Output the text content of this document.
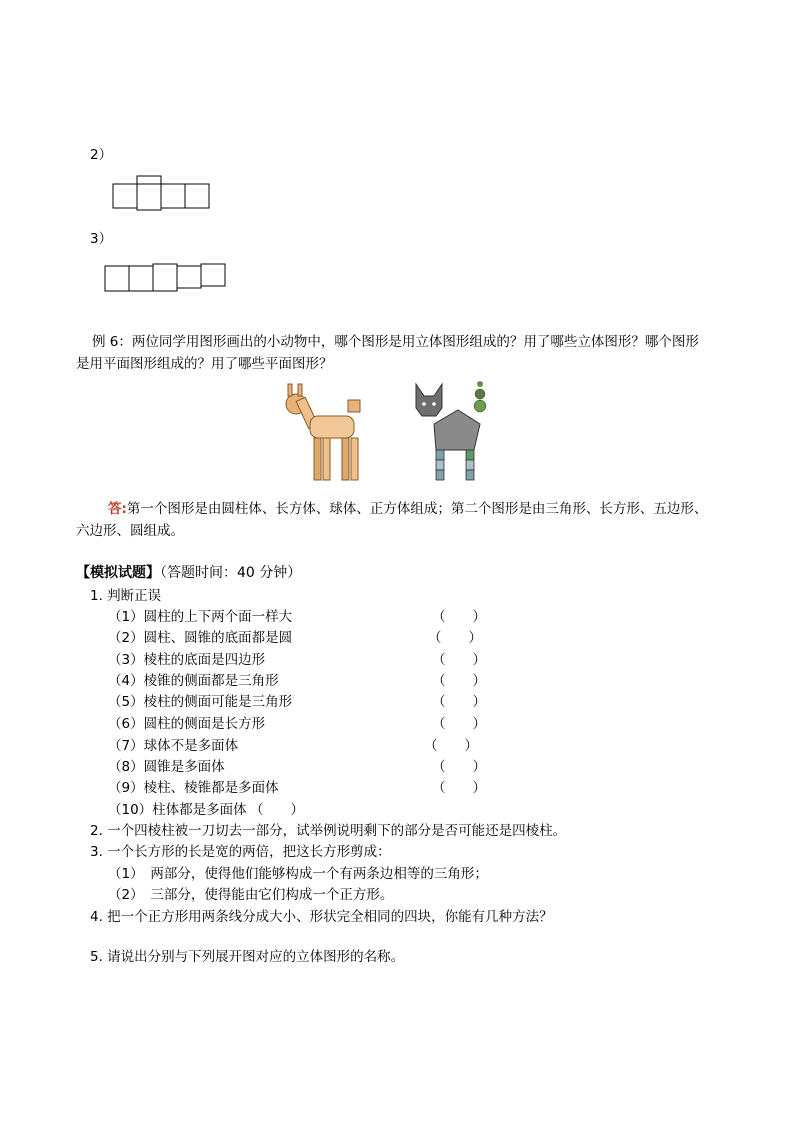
2）
3）
例 6：两位同学用图形画出的小动物中，哪个图形是用立体图形组成的？用了哪些立体图形？哪个图形
是用平面图形组成的？用了哪些平面图形？
答:第一个图形是由圆柱体、长方体、球体、正方体组成；第二个图形是由三角形、长方形、五边形、
六边形、圆组成。
【模拟试题】（答题时间：40 分钟）
1. 判断正误
（1）圆柱的上下两个面一样大	（　　）
（2）圆柱、圆锥的底面都是圆	（　　）
（3）棱柱的底面是四边形	（　　）
（4）棱锥的侧面都是三角形	（　　）
（5）棱柱的侧面可能是三角形	（　　）
（6）圆柱的侧面是长方形	（　　）
（7）球体不是多面体	（　　）
（8）圆锥是多面体	（　　）
（9）棱柱、棱锥都是多面体	（　　）
（10）柱体都是多面体 （　　）
2. 一个四棱柱被一刀切去一部分，试举例说明剩下的部分是否可能还是四棱柱。
3. 一个长方形的长是宽的两倍，把这长方形剪成：
（1）　两部分，使得他们能够构成一个有两条边相等的三角形；
（2）　三部分，使得能由它们构成一个正方形。
4. 把一个正方形用两条线分成大小、形状完全相同的四块，你能有几种方法？
5. 请说出分别与下列展开图对应的立体图形的名称。
